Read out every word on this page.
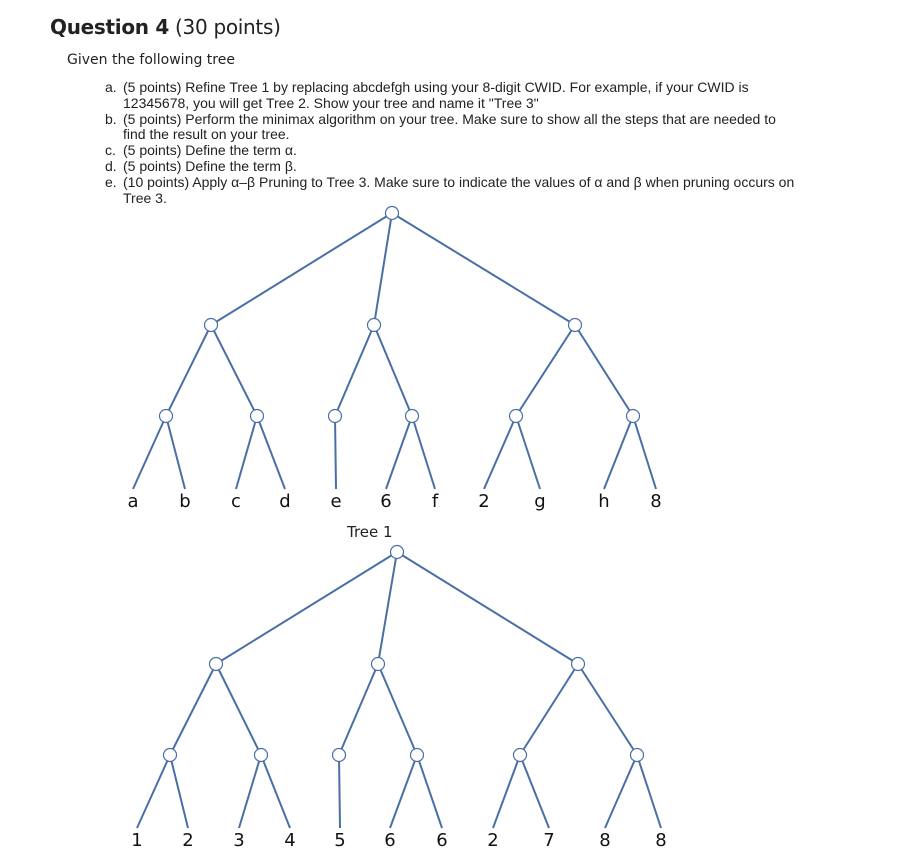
Question 4 (30 points)
Given the following tree
a. (5 points) Refine Tree 1 by replacing abcdefgh using your 8-digit CWID. For example, if your CWID is 12345678, you will get Tree 2. Show your tree and name it "Tree 3"
b. (5 points) Perform the minimax algorithm on your tree. Make sure to show all the steps that are needed to find the result on your tree.
c. (5 points) Define the term α.
d. (5 points) Define the term β.
e. (10 points) Apply α–β Pruning to Tree 3. Make sure to indicate the values of α and β when pruning occurs on Tree 3.
a b c d e 6 f 2 g	h 8
1 2 3 4 5 6 6 2 7 8 8
Tree 1
